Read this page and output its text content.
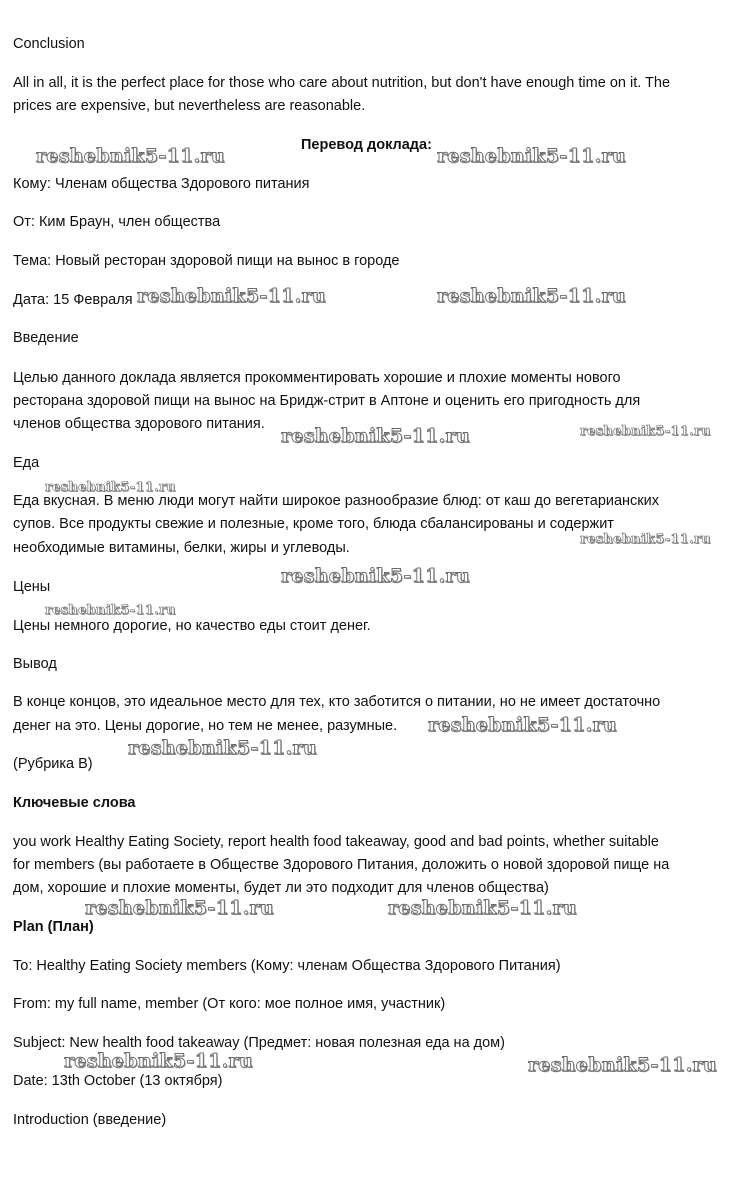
Conclusion
All in all, it is the perfect place for those who care about nutrition, but don't have enough time on it. The
prices are expensive, but nevertheless are reasonable.
Перевод доклада:
Кому: Членам общества Здорового питания
От: Ким Браун, член общества
Тема: Новый ресторан здоровой пищи на вынос в городе
Дата: 15 Февраля
Введение
Целью данного доклада является прокомментировать хорошие и плохие моменты нового
ресторана здоровой пищи на вынос на Бридж-стрит в Аптоне и оценить его пригодность для
членов общества здорового питания.
Еда
Еда вкусная. В меню люди могут найти широкое разнообразие блюд: от каш до вегетарианских
супов. Все продукты свежие и полезные, кроме того, блюда сбалансированы и содержит
необходимые витамины, белки, жиры и углеводы.
Цены
Цены немного дорогие, но качество еды стоит денег.
Вывод
В конце концов, это идеальное место для тех, кто заботится о питании, но не имеет достаточно
денег на это. Цены дорогие, но тем не менее, разумные.
(Рубрика В)
Ключевые слова
you work Healthy Eating Society, report health food takeaway, good and bad points, whether suitable
for members (вы работаете в Обществе Здорового Питания, доложить о новой здоровой пище на
дом, хорошие и плохие моменты, будет ли это подходит для членов общества)
Plan (План)
To: Healthy Eating Society members (Кому: членам Общества Здорового Питания)
From: my full name, member (От кого: мое полное имя, участник)
Subject: New health food takeaway (Предмет: новая полезная еда на дом)
Date: 13th October (13 октября)
Introduction (введение)
reshebnik5-11.ru	reshebnik5-11.ru
reshebnik5-11.ru	reshebnik5-11.ru
reshebnik5-11.ru	reshebnik5-11.ru
reshebnik5-11.ru
reshebnik5-11.ru
reshebnik5-11.ru
reshebnik5-11.ru
reshebnik5-11.ru
reshebnik5-11.ru
reshebnik5-11.ru	reshebnik5-11.ru
reshebnik5-11.ru	reshebnik5-11.ru
